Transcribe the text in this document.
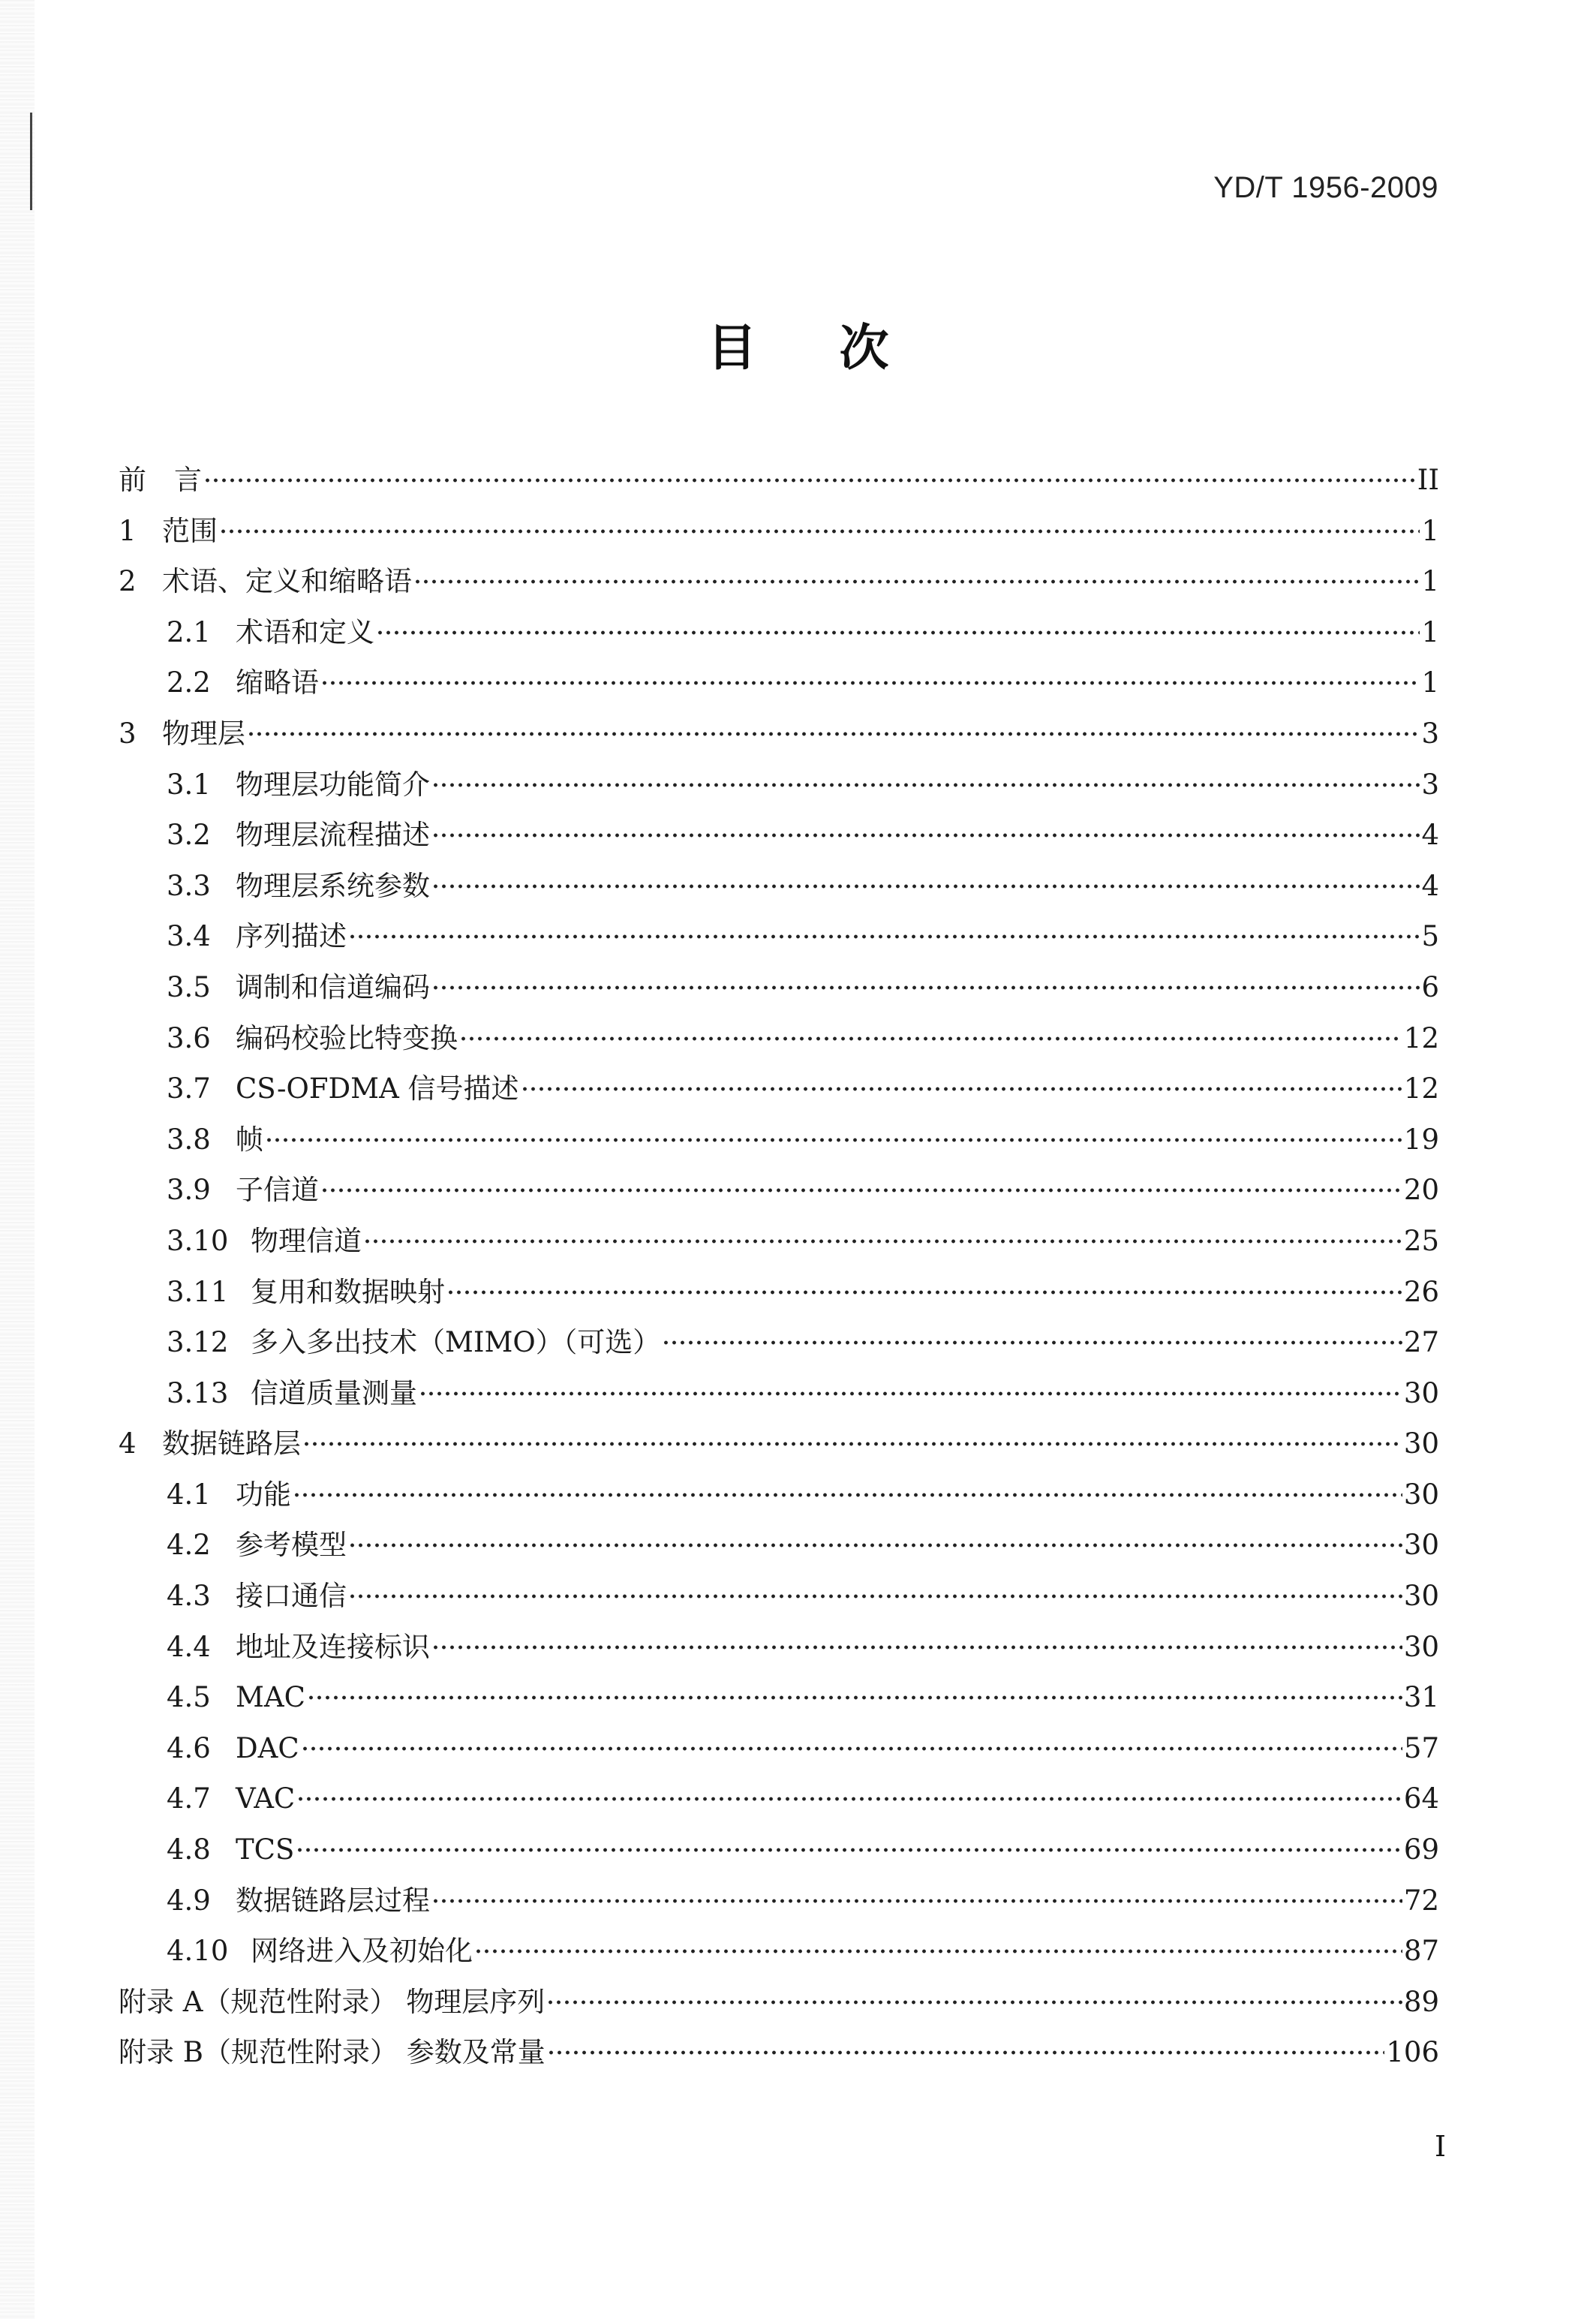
YD/T 1956-2009
目次
前　言	II
1 范围	1
2 术语、定义和缩略语	1
2.1 术语和定义	1
2.2 缩略语	1
3 物理层	3
3.1 物理层功能简介	3
3.2 物理层流程描述	4
3.3 物理层系统参数	4
3.4 序列描述	5
3.5 调制和信道编码	6
3.6 编码校验比特变换	12
3.7 CS-OFDMA 信号描述	12
3.8 帧	19
3.9 子信道	20
3.10 物理信道	25
3.11 复用和数据映射	26
3.12 多入多出技术（MIMO）（可选）	27
3.13 信道质量测量	30
4 数据链路层	30
4.1 功能	30
4.2 参考模型	30
4.3 接口通信	30
4.4 地址及连接标识	30
4.5 MAC	31
4.6 DAC	57
4.7 VAC	64
4.8 TCS	69
4.9 数据链路层过程	72
4.10 网络进入及初始化	87
附录 A（规范性附录） 物理层序列	89
附录 B（规范性附录） 参数及常量	106
I
